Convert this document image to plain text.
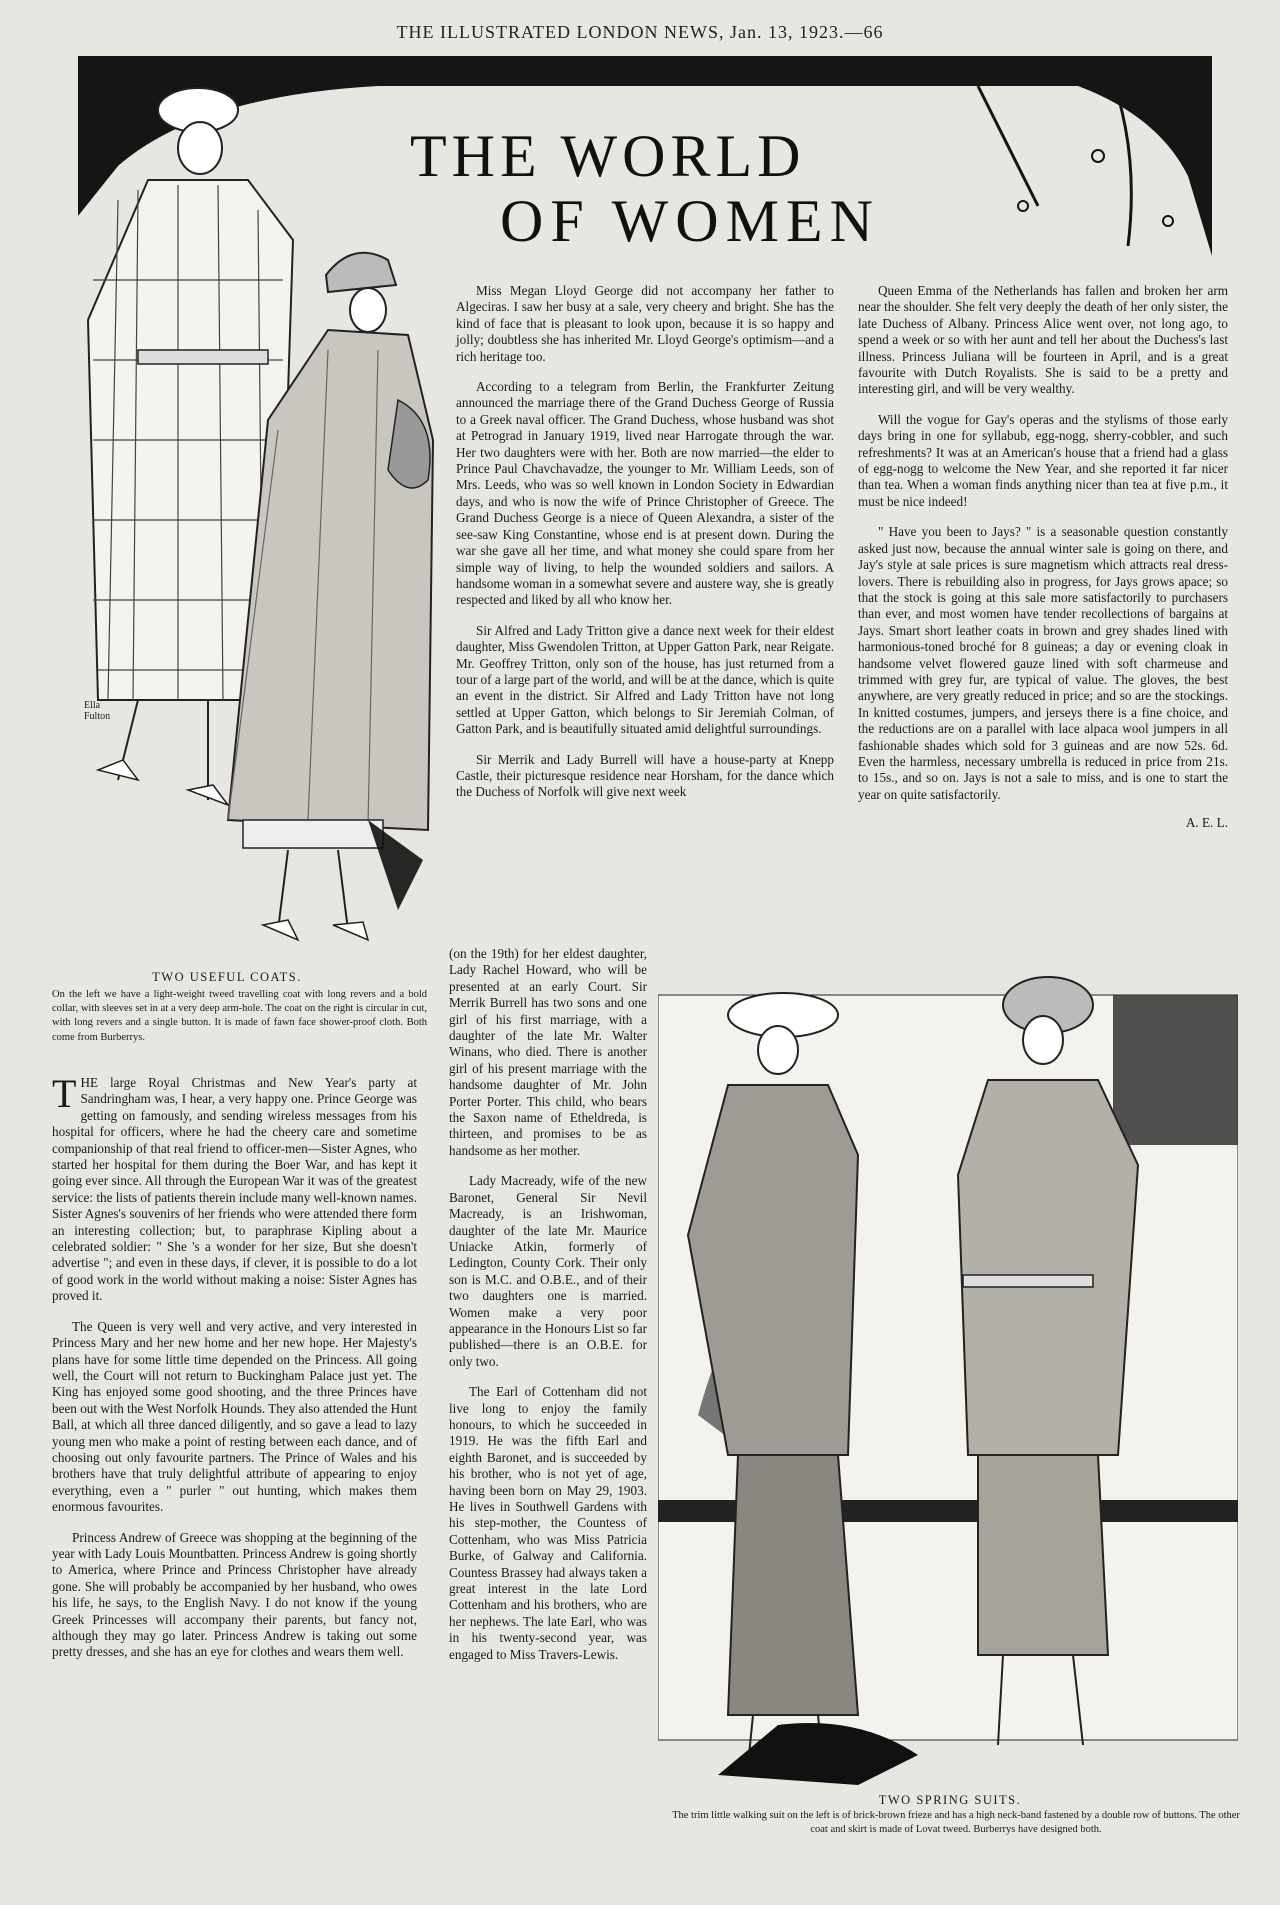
THE ILLUSTRATED LONDON NEWS, Jan. 13, 1923.—66
THE WORLD
OF WOMEN
Ella Fulton
TWO USEFUL COATS.
On the left we have a light-weight tweed travelling coat with long revers and a bold collar, with sleeves set in at a very deep arm-hole. The coat on the right is circular in cut, with long revers and a single button. It is made of fawn face shower-proof cloth. Both come from Burberrys.
TWO SPRING SUITS.
The trim little walking suit on the left is of brick-brown frieze and has a high neck-band fastened by a double row of buttons. The other coat and skirt is made of Lovat tweed. Burberrys have designed both.

THE large Royal Christmas and New Year's party at Sandringham was, I hear, a very happy one. Prince George was getting on famously, and sending wireless messages from his hospital for officers, where he had the cheery care and sometime companionship of that real friend to officer-men—Sister Agnes, who started her hospital for them during the Boer War, and has kept it going ever since. All through the European War it was of the greatest service: the lists of patients therein include many well-known names. Sister Agnes's souvenirs of her friends who were attended there form an interesting collection; but, to paraphrase Kipling about a celebrated soldier: " She 's a wonder for her size, But she doesn't advertise "; and even in these days, if clever, it is possible to do a lot of good work in the world without making a noise: Sister Agnes has proved it.

The Queen is very well and very active, and very interested in Princess Mary and her new home and her new hope. Her Majesty's plans have for some little time depended on the Princess. All going well, the Court will not return to Buckingham Palace just yet. The King has enjoyed some good shooting, and the three Princes have been out with the West Norfolk Hounds. They also attended the Hunt Ball, at which all three danced diligently, and so gave a lead to lazy young men who make a point of resting between each dance, and of choosing out only favourite partners. The Prince of Wales and his brothers have that truly delightful attribute of appearing to enjoy everything, even a " purler " out hunting, which makes them enormous favourites.

Princess Andrew of Greece was shopping at the beginning of the year with Lady Louis Mountbatten. Princess Andrew is going shortly to America, where Prince and Princess Christopher have already gone. She will probably be accompanied by her husband, who owes his life, he says, to the English Navy. I do not know if the young Greek Princesses will accompany their parents, but fancy not, although they may go later. Princess Andrew is taking out some pretty dresses, and she has an eye for clothes and wears them well.

Miss Megan Lloyd George did not accompany her father to Algeciras. I saw her busy at a sale, very cheery and bright. She has the kind of face that is pleasant to look upon, because it is so happy and jolly; doubtless she has inherited Mr. Lloyd George's optimism—and a rich heritage too.

According to a telegram from Berlin, the Frankfurter Zeitung announced the marriage there of the Grand Duchess George of Russia to a Greek naval officer. The Grand Duchess, whose husband was shot at Petrograd in January 1919, lived near Harrogate through the war. Her two daughters were with her. Both are now married—the elder to Prince Paul Chavchavadze, the younger to Mr. William Leeds, son of Mrs. Leeds, who was so well known in London Society in Edwardian days, and who is now the wife of Prince Christopher of Greece. The Grand Duchess George is a niece of Queen Alexandra, a sister of the see-saw King Constantine, whose end is at present down. During the war she gave all her time, and what money she could spare from her simple way of living, to help the wounded soldiers and sailors. A handsome woman in a somewhat severe and austere way, she is greatly respected and liked by all who know her.

Sir Alfred and Lady Tritton give a dance next week for their eldest daughter, Miss Gwendolen Tritton, at Upper Gatton Park, near Reigate. Mr. Geoffrey Tritton, only son of the house, has just returned from a tour of a large part of the world, and will be at the dance, which is quite an event in the district. Sir Alfred and Lady Tritton have not long settled at Upper Gatton, which belongs to Sir Jeremiah Colman, of Gatton Park, and is beautifully situated amid delightful surroundings.

Sir Merrik and Lady Burrell will have a house-party at Knepp Castle, their picturesque residence near Horsham, for the dance which the Duchess of Norfolk will give next week

(on the 19th) for her eldest daughter, Lady Rachel Howard, who will be presented at an early Court. Sir Merrik Burrell has two sons and one girl of his first marriage, with a daughter of the late Mr. Walter Winans, who died. There is another girl of his present marriage with the handsome daughter of Mr. John Porter Porter. This child, who bears the Saxon name of Etheldreda, is thirteen, and promises to be as handsome as her mother.

Lady Macready, wife of the new Baronet, General Sir Nevil Macready, is an Irishwoman, daughter of the late Mr. Maurice Uniacke Atkin, formerly of Ledington, County Cork. Their only son is M.C. and O.B.E., and of their two daughters one is married. Women make a very poor appearance in the Honours List so far published—there is an O.B.E. for only two.

The Earl of Cottenham did not live long to enjoy the family honours, to which he succeeded in 1919. He was the fifth Earl and eighth Baronet, and is succeeded by his brother, who is not yet of age, having been born on May 29, 1903. He lives in Southwell Gardens with his step-mother, the Countess of Cottenham, who was Miss Patricia Burke, of Galway and California. Countess Brassey had always taken a great interest in the late Lord Cottenham and his brothers, who are her nephews. The late Earl, who was in his twenty-second year, was engaged to Miss Travers-Lewis.

Queen Emma of the Netherlands has fallen and broken her arm near the shoulder. She felt very deeply the death of her only sister, the late Duchess of Albany. Princess Alice went over, not long ago, to spend a week or so with her aunt and tell her about the Duchess's last illness. Princess Juliana will be fourteen in April, and is a great favourite with Dutch Royalists. She is said to be a pretty and interesting girl, and will be very wealthy.

Will the vogue for Gay's operas and the stylisms of those early days bring in one for syllabub, egg-nogg, sherry-cobbler, and such refreshments? It was at an American's house that a friend had a glass of egg-nogg to welcome the New Year, and she reported it far nicer than tea. When a woman finds anything nicer than tea at five p.m., it must be nice indeed!

" Have you been to Jays? " is a seasonable question constantly asked just now, because the annual winter sale is going on there, and Jay's style at sale prices is sure magnetism which attracts real dress-lovers. There is rebuilding also in progress, for Jays grows apace; so that the stock is going at this sale more satisfactorily to purchasers than ever, and most women have tender recollections of bargains at Jays. Smart short leather coats in brown and grey shades lined with harmonious-toned broché for 8 guineas; a day or evening cloak in handsome velvet flowered gauze lined with soft charmeuse and trimmed with grey fur, are typical of value. The gloves, the best anywhere, are very greatly reduced in price; and so are the stockings. In knitted costumes, jumpers, and jerseys there is a fine choice, and the reductions are on a parallel with lace alpaca wool jumpers in all fashionable shades which sold for 3 guineas and are now 52s. 6d. Even the harmless, necessary umbrella is reduced in price from 21s. to 15s., and so on. Jays is not a sale to miss, and is one to start the year on quite satisfactorily.

A. E. L.
